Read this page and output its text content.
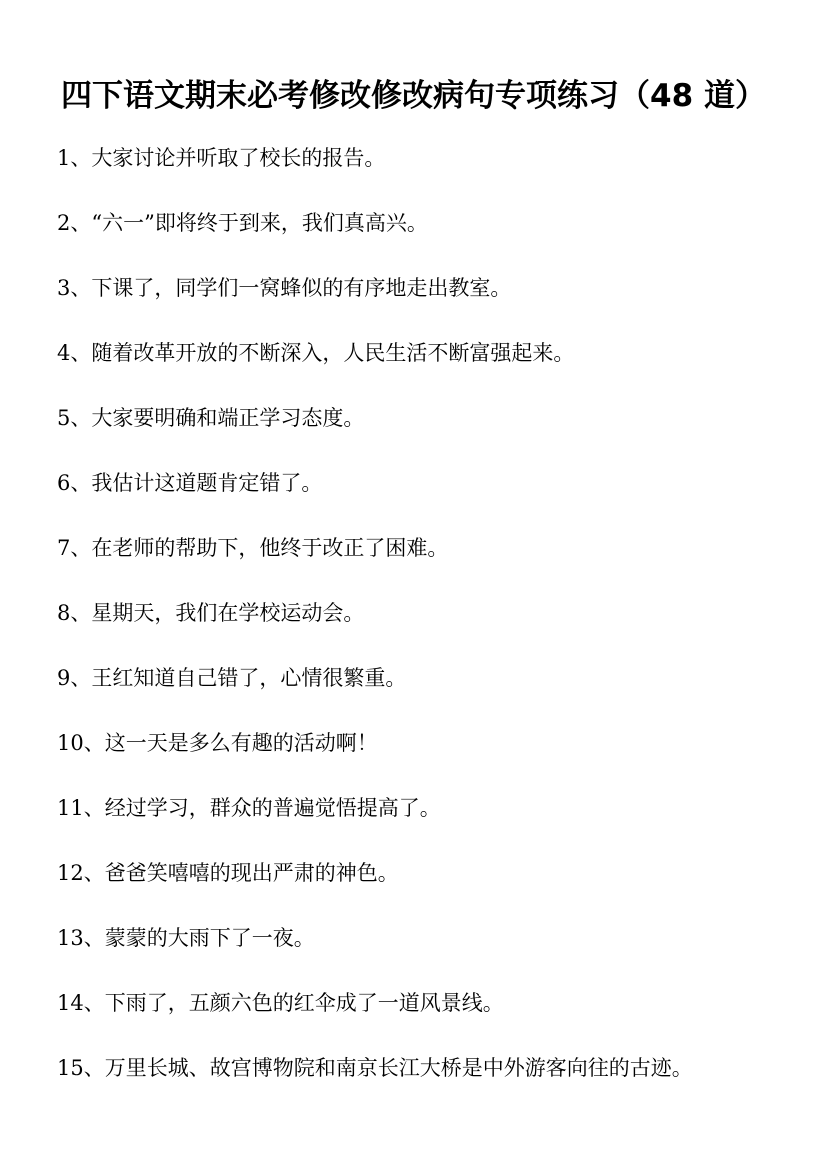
四下语文期末必考修改修改病句专项练习（48 道）
1、大家讨论并听取了校长的报告。
2、“六一”即将终于到来，我们真高兴。
3、下课了，同学们一窝蜂似的有序地走出教室。
4、随着改革开放的不断深入，人民生活不断富强起来。
5、大家要明确和端正学习态度。
6、我估计这道题肯定错了。
7、在老师的帮助下，他终于改正了困难。
8、星期天，我们在学校运动会。
9、王红知道自己错了，心情很繁重。
10、这一天是多么有趣的活动啊！
11、经过学习，群众的普遍觉悟提高了。
12、爸爸笑嘻嘻的现出严肃的神色。
13、蒙蒙的大雨下了一夜。
14、下雨了，五颜六色的红伞成了一道风景线。
15、万里长城、故宫博物院和南京长江大桥是中外游客向往的古迹。
